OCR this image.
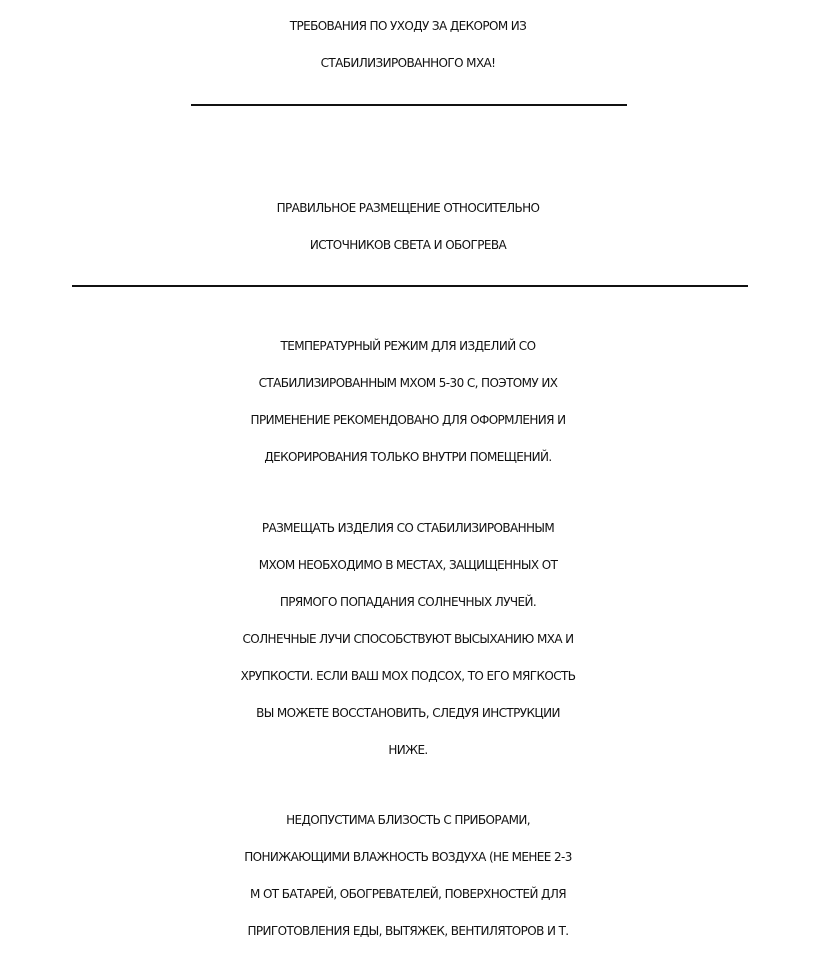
ТРЕБОВАНИЯ ПО УХОДУ ЗА ДЕКОРОМ ИЗ
СТАБИЛИЗИРОВАННОГО МХА!
ПРАВИЛЬНОЕ РАЗМЕЩЕНИЕ ОТНОСИТЕЛЬНО
ИСТОЧНИКОВ СВЕТА И ОБОГРЕВА
ТЕМПЕРАТУРНЫЙ РЕЖИМ ДЛЯ ИЗДЕЛИЙ СО
СТАБИЛИЗИРОВАННЫМ МХОМ 5-30 С, ПОЭТОМУ ИХ
ПРИМЕНЕНИЕ РЕКОМЕНДОВАНО ДЛЯ ОФОРМЛЕНИЯ И
ДЕКОРИРОВАНИЯ ТОЛЬКО ВНУТРИ ПОМЕЩЕНИЙ.
РАЗМЕЩАТЬ ИЗДЕЛИЯ СО СТАБИЛИЗИРОВАННЫМ
МХОМ НЕОБХОДИМО В МЕСТАХ, ЗАЩИЩЕННЫХ ОТ
ПРЯМОГО ПОПАДАНИЯ СОЛНЕЧНЫХ ЛУЧЕЙ.
СОЛНЕЧНЫЕ ЛУЧИ СПОСОБСТВУЮТ ВЫСЫХАНИЮ МХА И
ХРУПКОСТИ. ЕСЛИ ВАШ МОХ ПОДСОХ, ТО ЕГО МЯГКОСТЬ
ВЫ МОЖЕТЕ ВОССТАНОВИТЬ, СЛЕДУЯ ИНСТРУКЦИИ
НИЖЕ.
НЕДОПУСТИМА БЛИЗОСТЬ С ПРИБОРАМИ,
ПОНИЖАЮЩИМИ ВЛАЖНОСТЬ ВОЗДУХА (НЕ МЕНЕЕ 2-3
М ОТ БАТАРЕЙ, ОБОГРЕВАТЕЛЕЙ, ПОВЕРХНОСТЕЙ ДЛЯ
ПРИГОТОВЛЕНИЯ ЕДЫ, ВЫТЯЖЕК, ВЕНТИЛЯТОРОВ И Т.
